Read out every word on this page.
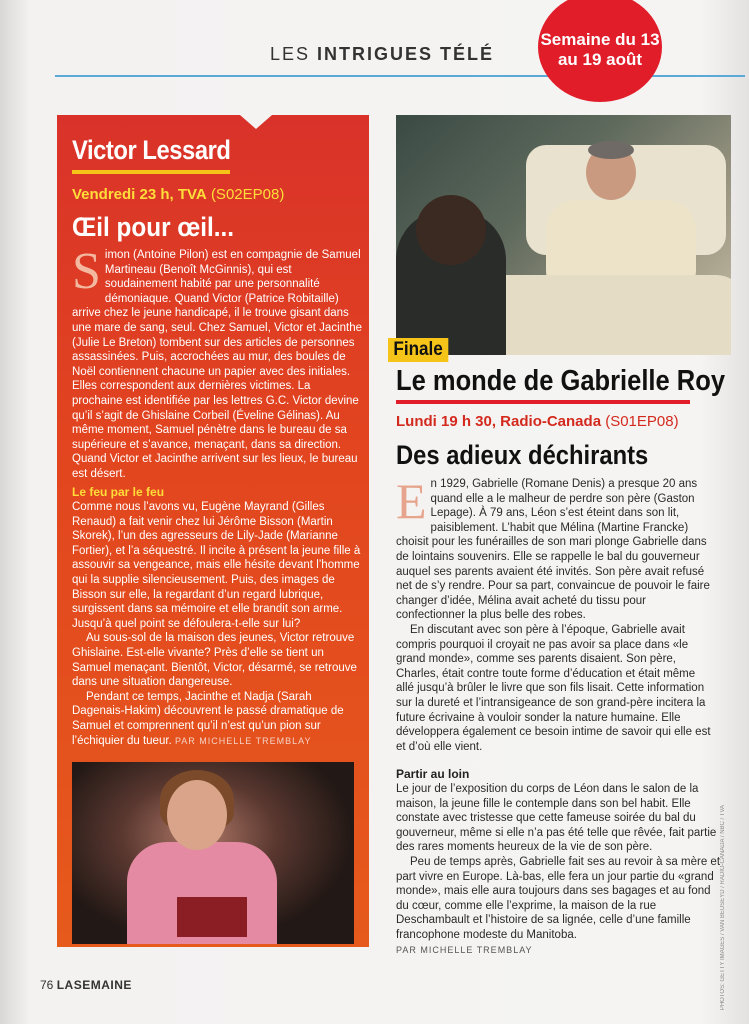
LES INTRIGUES TÉLÉ
Semaine du 13 au 19 août
Victor Lessard
Vendredi 23 h, TVA (S02EP08)
Œil pour œil...
Simon (Antoine Pilon) est en compagnie de Samuel Martineau (Benoît McGinnis), qui est soudainement habité par une personnalité démoniaque. Quand Victor (Patrice Robitaille) arrive chez le jeune handicapé, il le trouve gisant dans une mare de sang, seul. Chez Samuel, Victor et Jacinthe (Julie Le Breton) tombent sur des articles de personnes assassinées. Puis, accrochées au mur, des boules de Noël contiennent chacune un papier avec des initiales. Elles correspondent aux dernières victimes. La prochaine est identifiée par les lettres G.C. Victor devine qu’il s’agit de Ghislaine Corbeil (Éveline Gélinas). Au même moment, Samuel pénètre dans le bureau de sa supérieure et s’avance, menaçant, dans sa direction. Quand Victor et Jacinthe arrivent sur les lieux, le bureau est désert.
Le feu par le feu
Comme nous l’avons vu, Eugène Mayrand (Gilles Renaud) a fait venir chez lui Jérôme Bisson (Martin Skorek), l’un des agresseurs de Lily-Jade (Marianne Fortier), et l’a séquestré. Il incite à présent la jeune fille à assouvir sa vengeance, mais elle hésite devant l’homme qui la supplie silencieusement. Puis, des images de Bisson sur elle, la regardant d’un regard lubrique, surgissent dans sa mémoire et elle brandit son arme. Jusqu’à quel point se défoulera-t-elle sur lui?
Au sous-sol de la maison des jeunes, Victor retrouve Ghislaine. Est-elle vivante? Près d’elle se tient un Samuel menaçant. Bientôt, Victor, désarmé, se retrouve dans une situation dangereuse.
Pendant ce temps, Jacinthe et Nadja (Sarah Dagenais-Hakim) découvrent le passé dramatique de Samuel et comprennent qu’il n’est qu’un pion sur l’échiquier du tueur. PAR MICHELLE TREMBLAY
Finale
Le monde de Gabrielle Roy
Lundi 19 h 30, Radio-Canada (S01EP08)
Des adieux déchirants
En 1929, Gabrielle (Romane Denis) a presque 20 ans quand elle a le malheur de perdre son père (Gaston Lepage). À 79 ans, Léon s’est éteint dans son lit, paisiblement. L’habit que Mélina (Martine Francke) choisit pour les funérailles de son mari plonge Gabrielle dans de lointains souvenirs. Elle se rappelle le bal du gouverneur auquel ses parents avaient été invités. Son père avait refusé net de s’y rendre. Pour sa part, convaincue de pouvoir le faire changer d’idée, Mélina avait acheté du tissu pour confectionner la plus belle des robes.
En discutant avec son père à l’époque, Gabrielle avait compris pourquoi il croyait ne pas avoir sa place dans «le grand monde», comme ses parents disaient. Son père, Charles, était contre toute forme d’éducation et était même allé jusqu’à brûler le livre que son fils lisait. Cette information sur la dureté et l’intransigeance de son grand-père incitera la future écrivaine à vouloir sonder la nature humaine. Elle développera également ce besoin intime de savoir qui elle est et d’où elle vient.
Partir au loin
Le jour de l’exposition du corps de Léon dans le salon de la maison, la jeune fille le contemple dans son bel habit. Elle constate avec tristesse que cette fameuse soirée du bal du gouverneur, même si elle n’a pas été telle que rêvée, fait partie des rares moments heureux de la vie de son père.
Peu de temps après, Gabrielle fait ses au revoir à sa mère et part vivre en Europe. Là-bas, elle fera un jour partie du «grand monde», mais elle aura toujours dans ses bagages et au fond du cœur, comme elle l’exprime, la maison de la rue Deschambault et l’histoire de sa lignée, celle d’une famille francophone modeste du Manitoba.
PAR MICHELLE TREMBLAY	PHOTOS: GETTY IMAGES / VAN BEUSEYD / RADIO-CANADA / NBC / TVA
76 LASEMAINE
